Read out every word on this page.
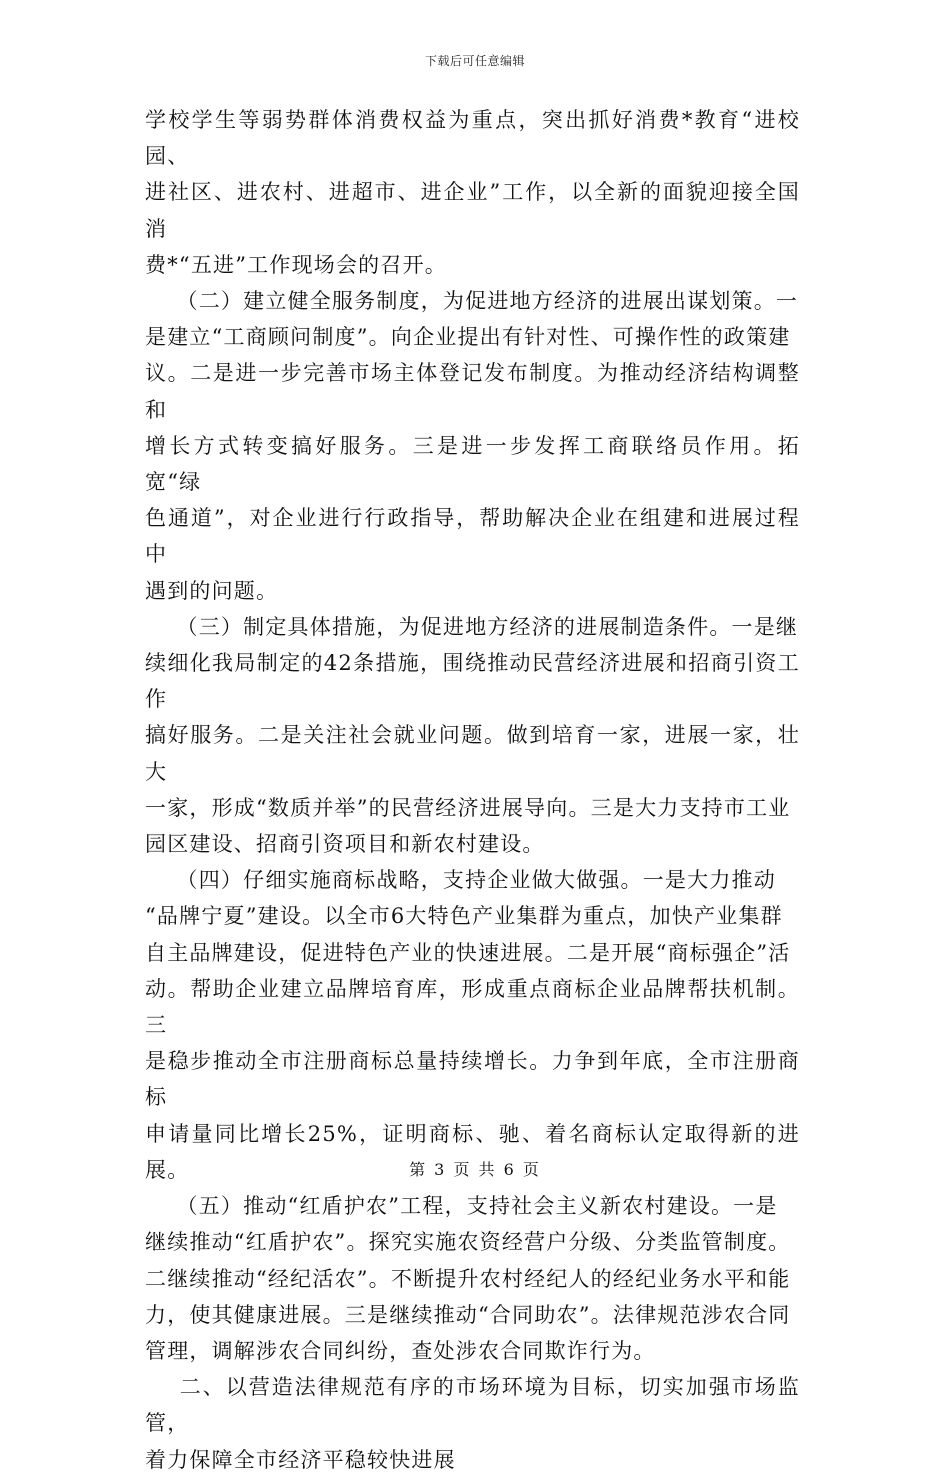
下载后可任意编辑

学校学生等弱势群体消费权益为重点，突出抓好消费*教育“进校园、

进社区、进农村、进超市、进企业”工作，以全新的面貌迎接全国消

费*“五进”工作现场会的召开。

（二）建立健全服务制度，为促进地方经济的进展出谋划策。一

是建立“工商顾问制度”。向企业提出有针对性、可操作性的政策建

议。二是进一步完善市场主体登记发布制度。为推动经济结构调整和

增长方式转变搞好服务。三是进一步发挥工商联络员作用。拓宽“绿

色通道”，对企业进行行政指导，帮助解决企业在组建和进展过程中

遇到的问题。

（三）制定具体措施，为促进地方经济的进展制造条件。一是继

续细化我局制定的42条措施，围绕推动民营经济进展和招商引资工作

搞好服务。二是关注社会就业问题。做到培育一家，进展一家，壮大

一家，形成“数质并举”的民营经济进展导向。三是大力支持市工业

园区建设、招商引资项目和新农村建设。

（四）仔细实施商标战略，支持企业做大做强。一是大力推动

“品牌宁夏”建设。以全市6大特色产业集群为重点，加快产业集群

自主品牌建设，促进特色产业的快速进展。二是开展“商标强企”活

动。帮助企业建立品牌培育库，形成重点商标企业品牌帮扶机制。三

是稳步推动全市注册商标总量持续增长。力争到年底，全市注册商标

申请量同比增长25%，证明商标、驰、着名商标认定取得新的进展。

（五）推动“红盾护农”工程，支持社会主义新农村建设。一是

继续推动“红盾护农”。探究实施农资经营户分级、分类监管制度。

二继续推动“经纪活农”。不断提升农村经纪人的经纪业务水平和能

力，使其健康进展。三是继续推动“合同助农”。法律规范涉农合同

管理，调解涉农合同纠纷，查处涉农合同欺诈行为。

二、以营造法律规范有序的市场环境为目标，切实加强市场监管，

着力保障全市经济平稳较快进展

第 3 页 共 6 页
